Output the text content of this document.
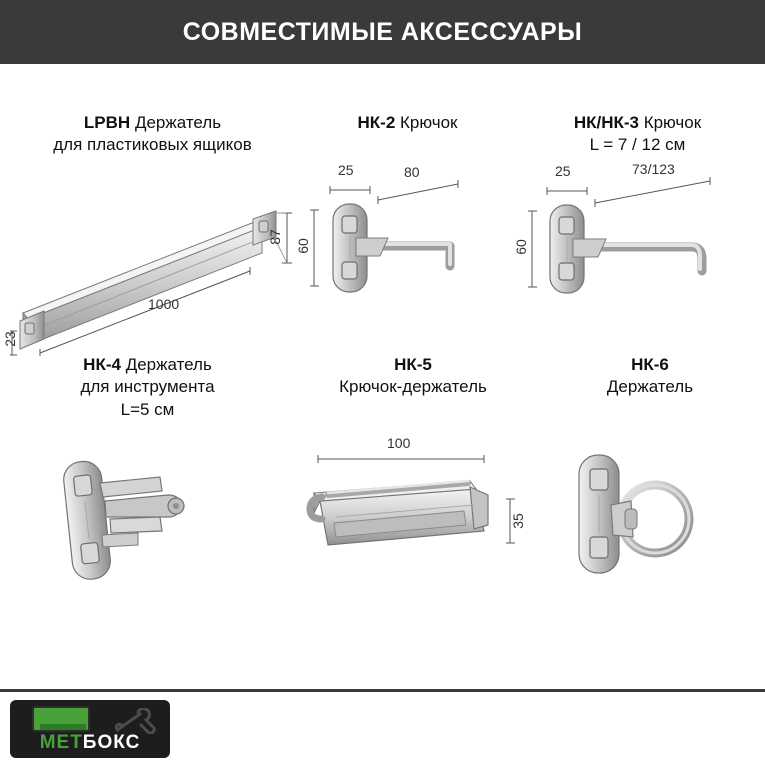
СОВМЕСТИМЫЕ АКСЕССУАРЫ
LPBH Держатель
для пластиковых ящиков
87
1000
23
НК-2 Крючок
25	80
60
НК/НК-3 Крючок
L = 7 / 12 см
25	73/123
60
НК-4 Держатель
для инструмента
L=5 см
НК-5
Крючок-держатель
100
35
НК-6
Держатель
МЕТБОКС
